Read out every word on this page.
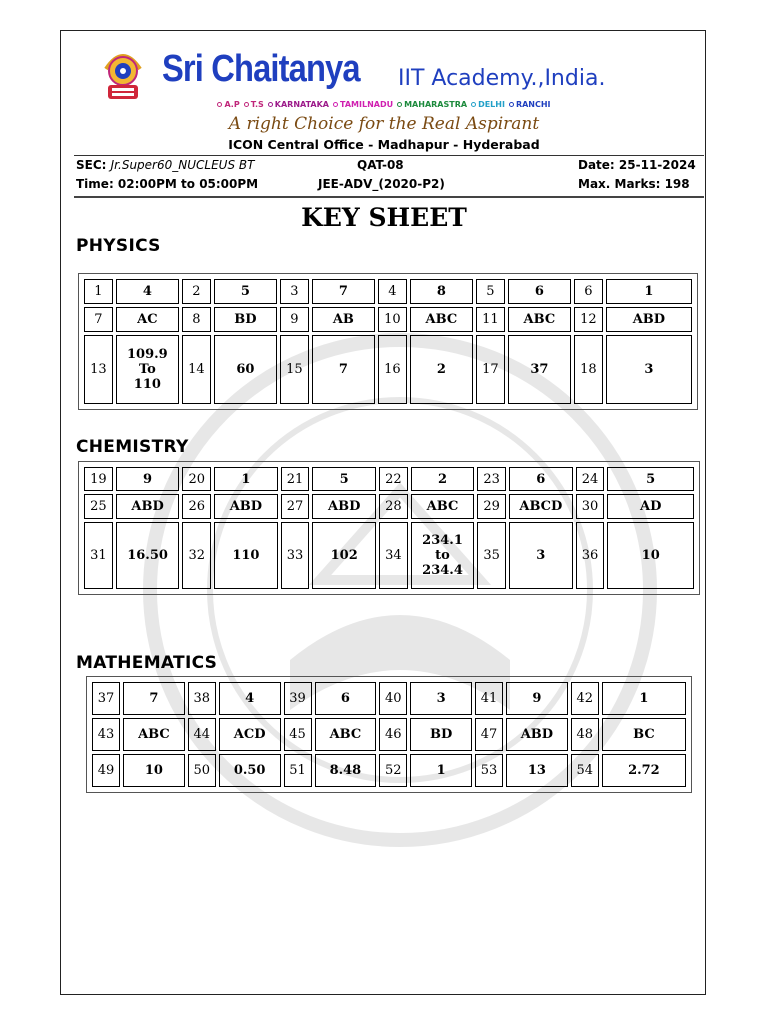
Sri Chaitanya	IIT Academy.,India.
A.P T.S KARNATAKA TAMILNADU MAHARASTRA DELHI RANCHI
A right Choice for the Real Aspirant
ICON Central Office - Madhapur - Hyderabad
SEC: Jr.Super60_NUCLEUS BT	QAT-08	Date: 25-11-2024
Time: 02:00PM to 05:00PM	JEE-ADV_(2020-P2)	Max. Marks: 198
KEY SHEET
PHYSICS
1	4	2	5	3	7	4	8	5	6	6	1
7	AC	8	BD	9	AB	10	ABC	11	ABC	12	ABD
13	109.9
To
110	14	60	15	7	16	2	17	37	18	3
CHEMISTRY
19	9	20	1	21	5	22	2	23	6	24	5
25	ABD	26	ABD	27	ABD	28	ABC	29	ABCD	30	AD
31	16.50	32	110	33	102	34	234.1
to
234.4	35	3	36	10
MATHEMATICS
37	7	38	4	39	6	40	3	41	9	42	1
43	ABC	44	ACD	45	ABC	46	BD	47	ABD	48	BC
49	10	50	0.50	51	8.48	52	1	53	13	54	2.72
